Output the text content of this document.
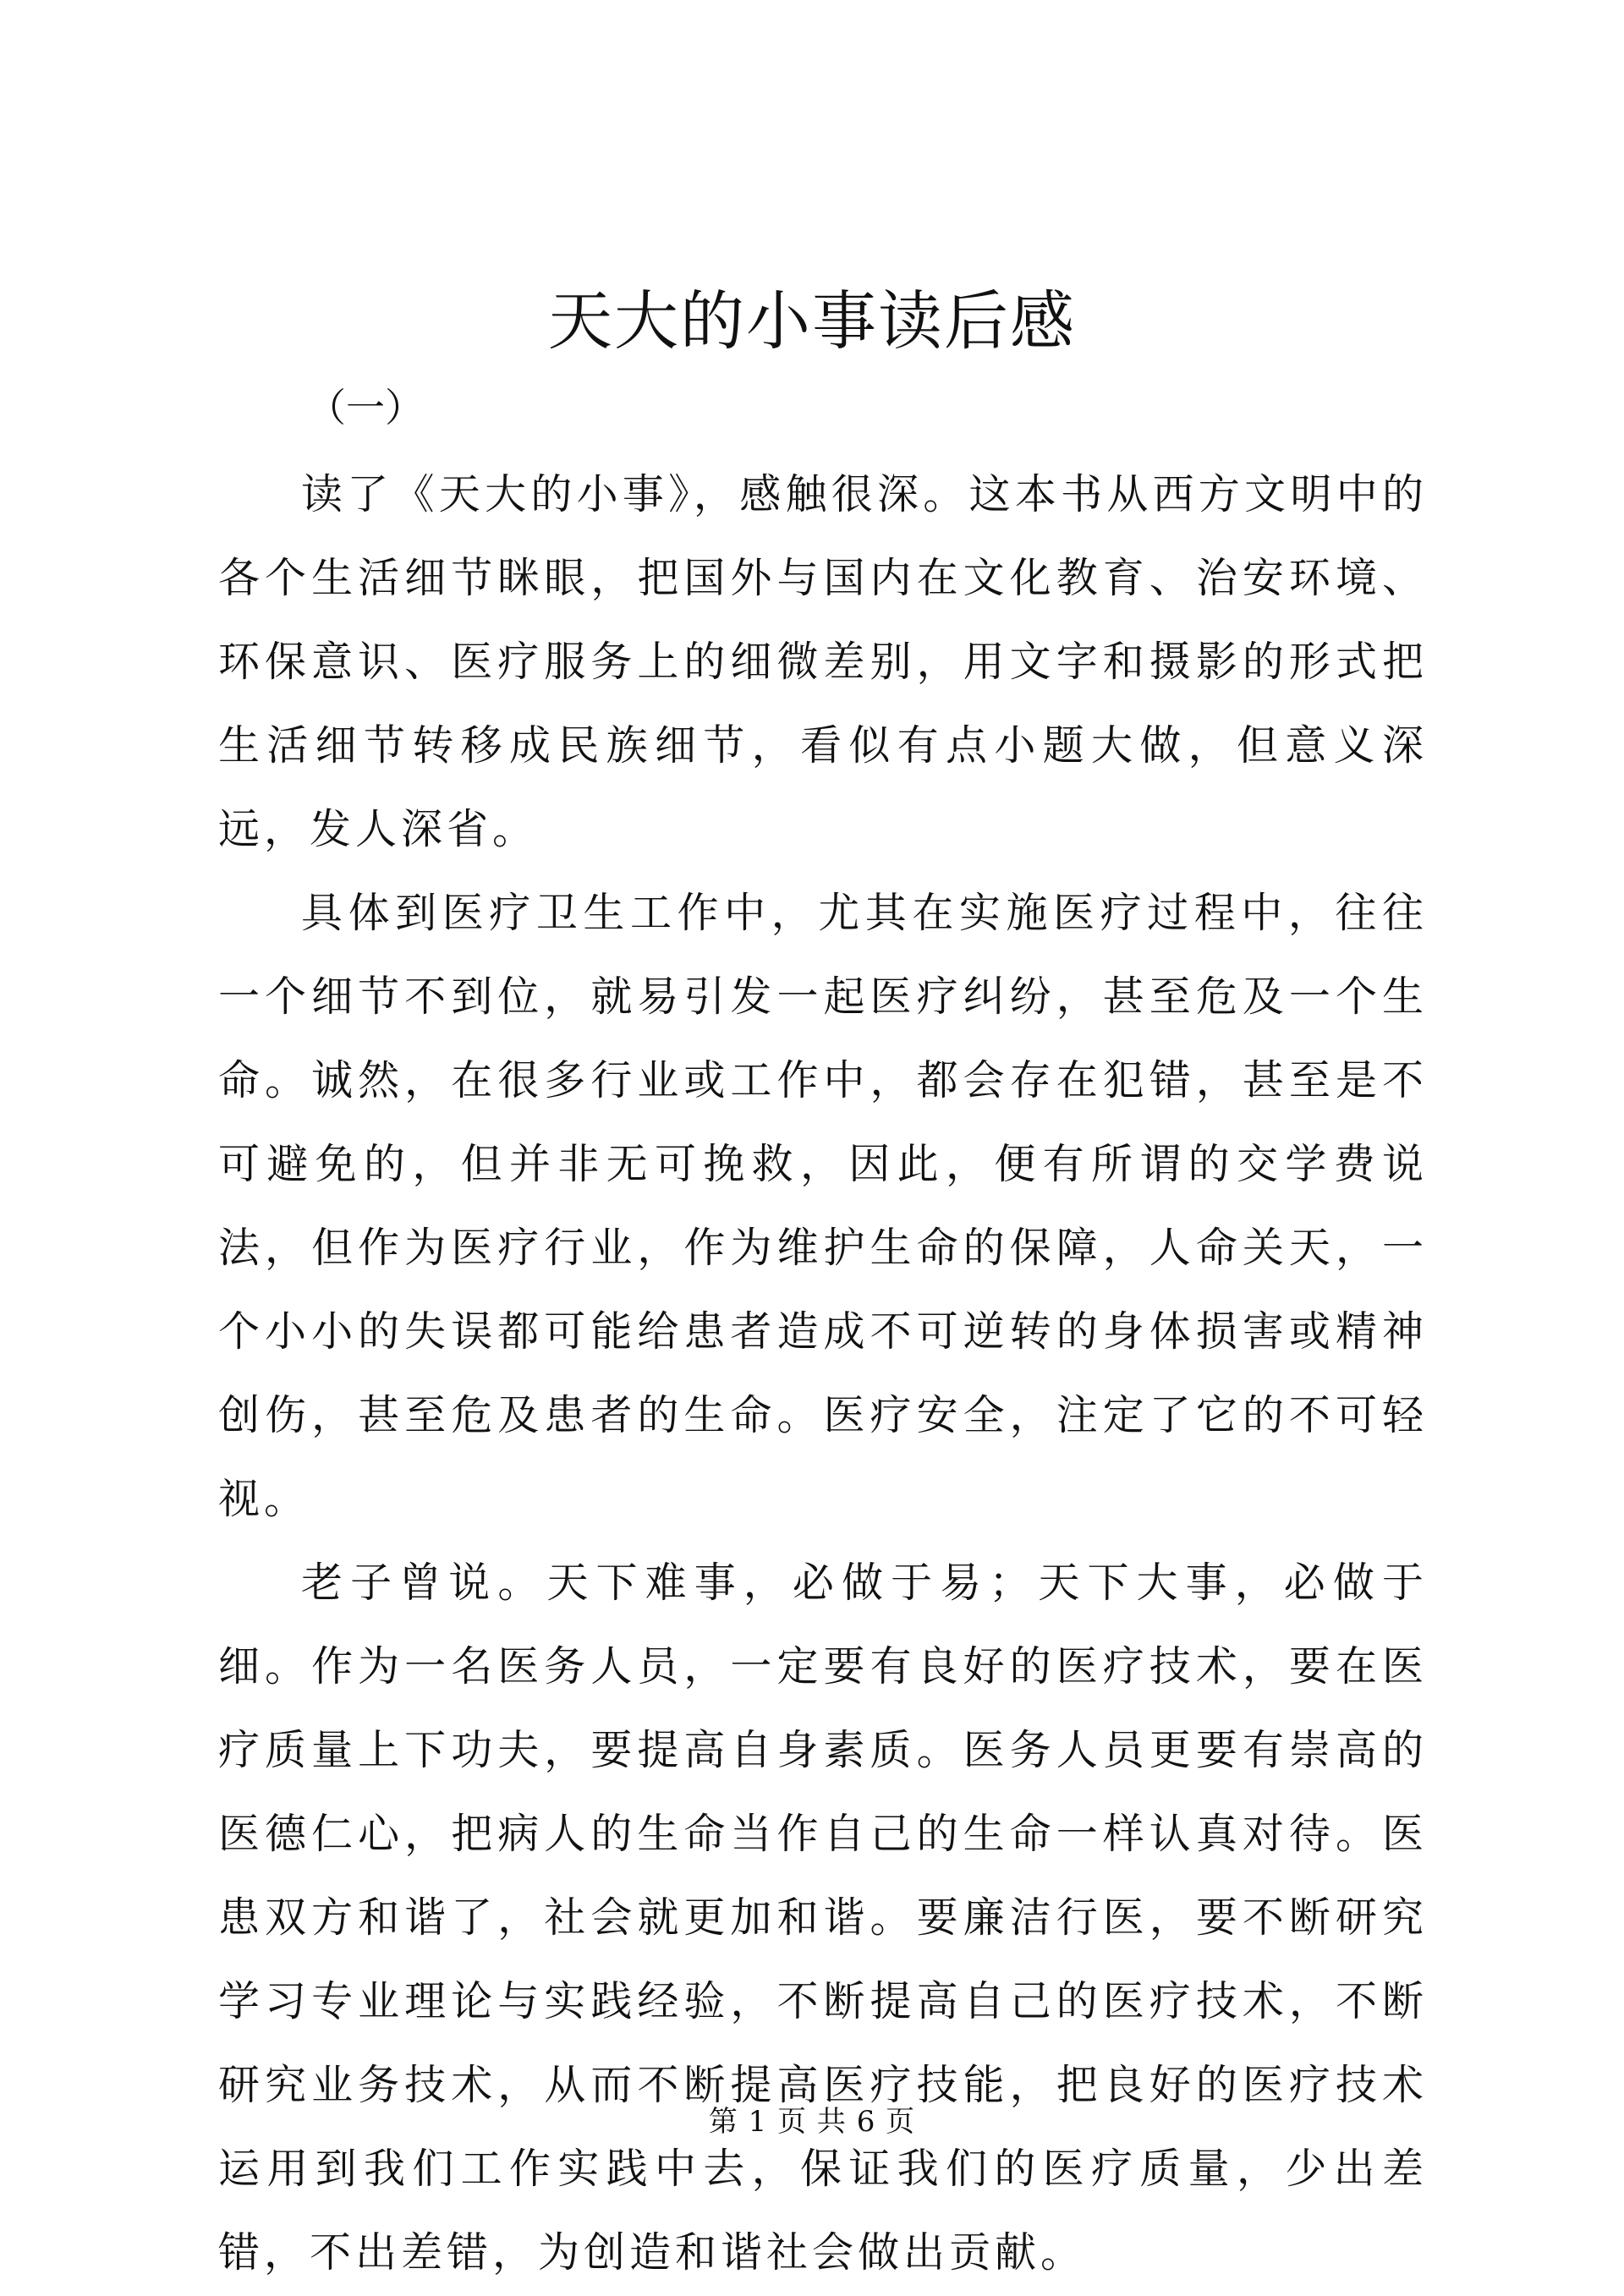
天大的小事读后感
（一）

读了《天大的小事》，感触很深。这本书从西方文明中的各个生活细节眯眼，把国外与国内在文化教育、治安环境、环保意识、医疗服务上的细微差别，用文字和摄影的形式把生活细节转移成民族细节，看似有点小题大做，但意义深远，发人深省。

具体到医疗卫生工作中，尤其在实施医疗过程中，往往一个细节不到位，就易引发一起医疗纠纷，甚至危及一个生命。诚然，在很多行业或工作中，都会存在犯错，甚至是不可避免的，但并非无可挽救，因此，便有所谓的交学费说法，但作为医疗行业，作为维护生命的保障，人命关天，一个小小的失误都可能给患者造成不可逆转的身体损害或精神创伤，甚至危及患者的生命。医疗安全，注定了它的不可轻视。

老子曾说。天下难事，必做于易；天下大事，必做于细。作为一名医务人员，一定要有良好的医疗技术，要在医疗质量上下功夫，要提高自身素质。医务人员更要有崇高的医德仁心，把病人的生命当作自己的生命一样认真对待。医患双方和谐了，社会就更加和谐。要廉洁行医，要不断研究学习专业理论与实践经验，不断提高自己的医疗技术，不断研究业务技术，从而不断提高医疗技能，把良好的医疗技术运用到我们工作实践中去，保证我们的医疗质量，少出差错，不出差错，为创造和谐社会做出贡献。

第 1 页 共 6 页
